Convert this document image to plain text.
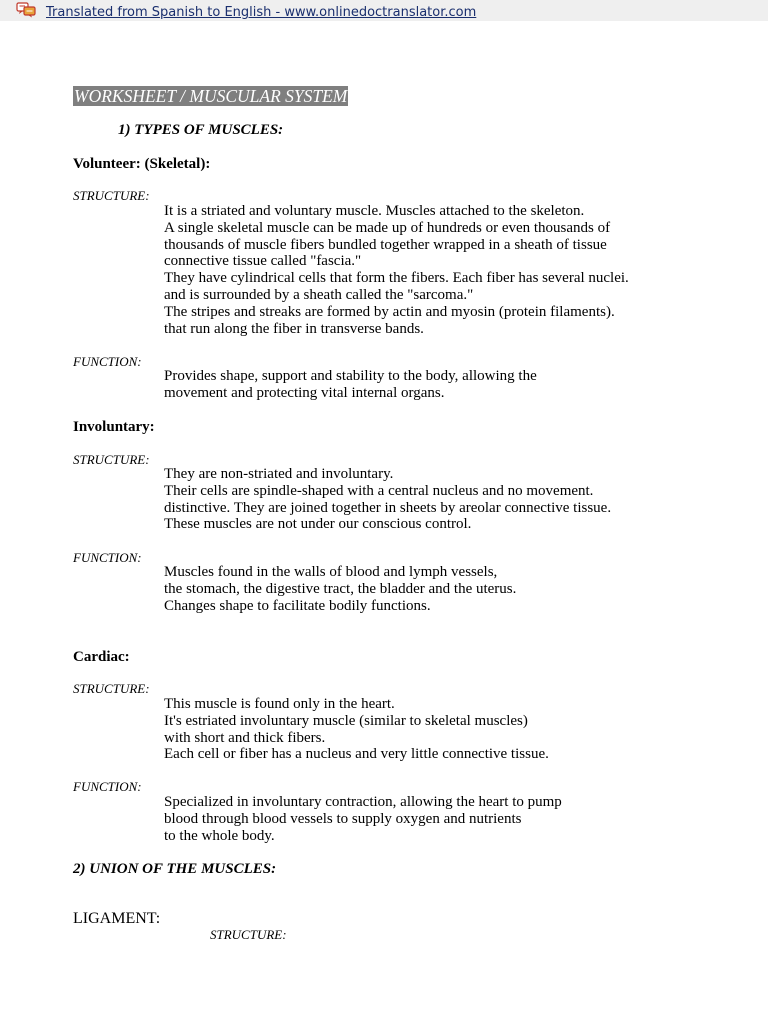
Translated from Spanish to English - www.onlinedoctranslator.com
WORKSHEET / MUSCULAR SYSTEM
1) TYPES OF MUSCLES:
Volunteer: (Skeletal):
STRUCTURE:
It is a striated and voluntary muscle. Muscles attached to the skeleton.
A single skeletal muscle can be made up of hundreds or even thousands of
thousands of muscle fibers bundled together wrapped in a sheath of tissue
connective tissue called "fascia."
They have cylindrical cells that form the fibers. Each fiber has several nuclei.
and is surrounded by a sheath called the "sarcoma."
The stripes and streaks are formed by actin and myosin (protein filaments).
that run along the fiber in transverse bands.
FUNCTION:
Provides shape, support and stability to the body, allowing the
movement and protecting vital internal organs.
Involuntary:
STRUCTURE:
They are non-striated and involuntary.
Their cells are spindle-shaped with a central nucleus and no movement.
distinctive. They are joined together in sheets by areolar connective tissue.
These muscles are not under our conscious control.
FUNCTION:
Muscles found in the walls of blood and lymph vessels,
the stomach, the digestive tract, the bladder and the uterus.
Changes shape to facilitate bodily functions.
Cardiac:
STRUCTURE:
This muscle is found only in the heart.
It's estriated involuntary muscle (similar to skeletal muscles)
with short and thick fibers.
Each cell or fiber has a nucleus and very little connective tissue.
FUNCTION:
Specialized in involuntary contraction, allowing the heart to pump
blood through blood vessels to supply oxygen and nutrients
to the whole body.
2) UNION OF THE MUSCLES:
LIGAMENT:
STRUCTURE:
